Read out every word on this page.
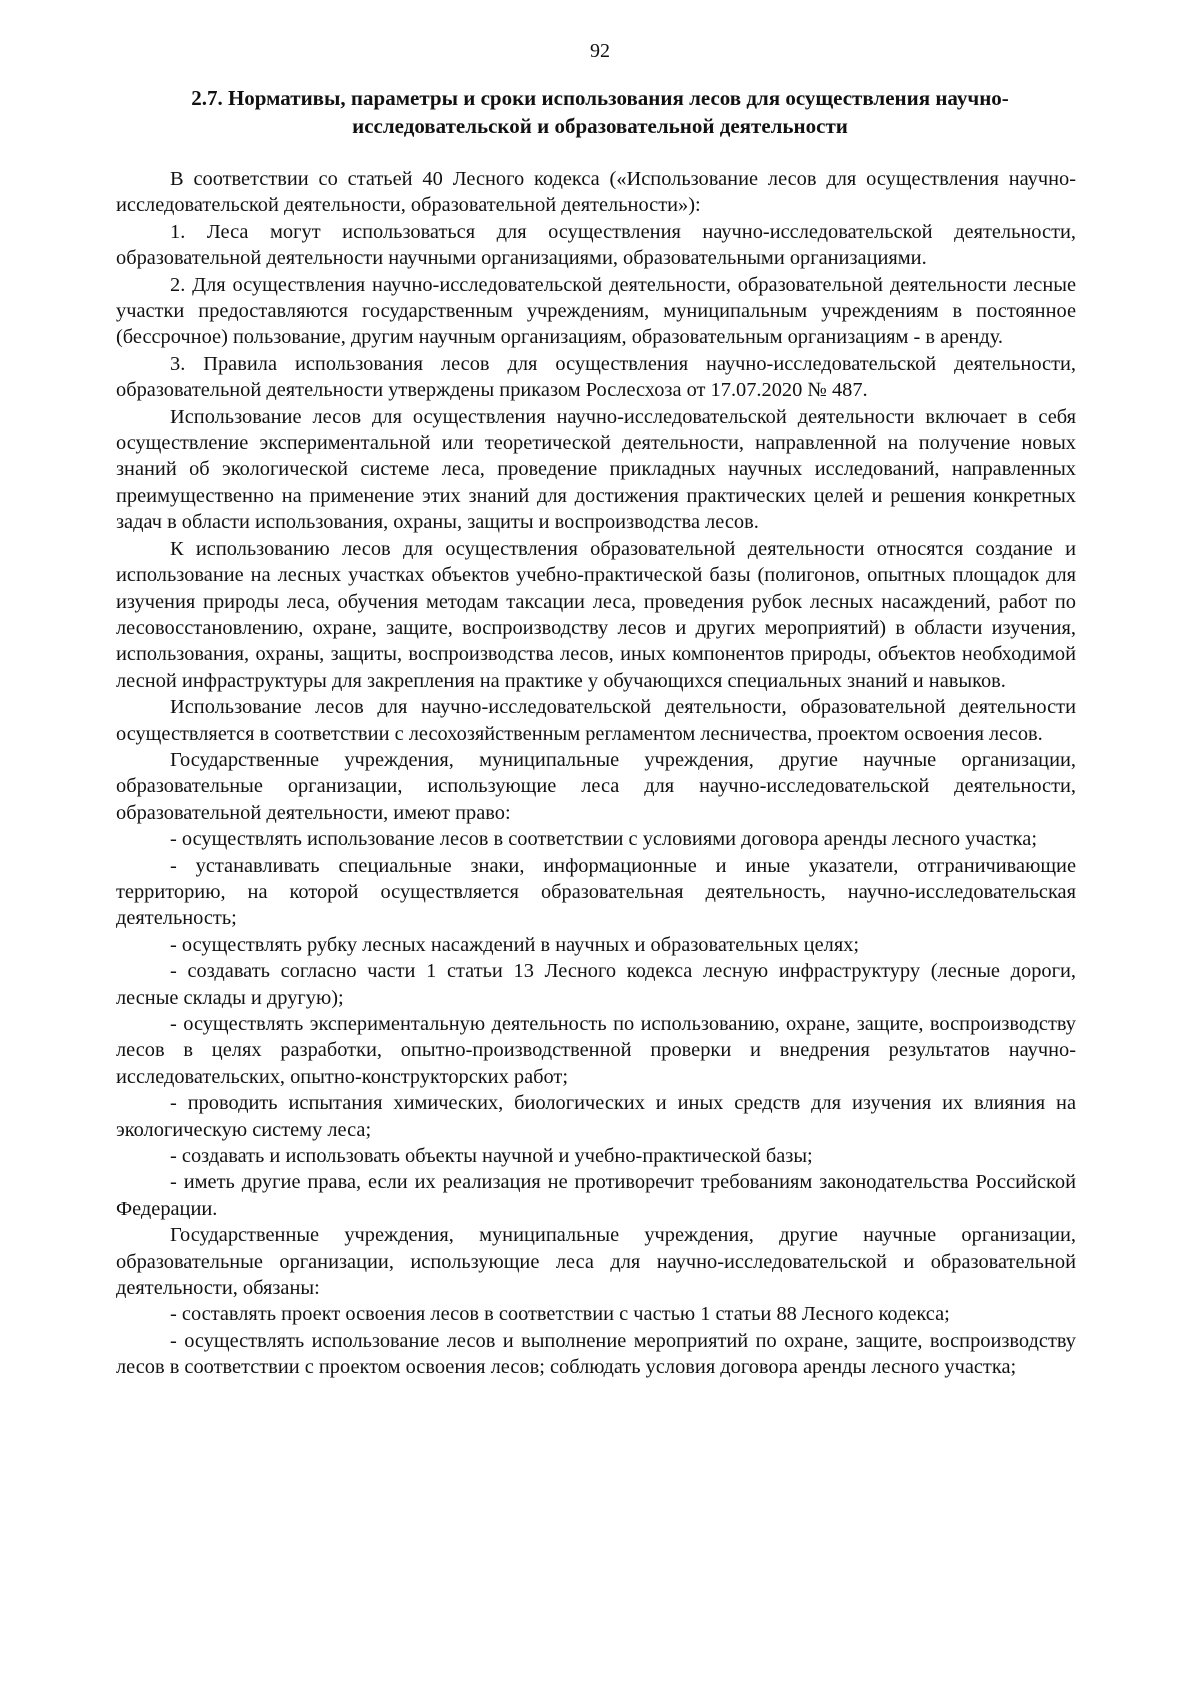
92
2.7. Нормативы, параметры и сроки использования лесов для осуществления научно-
исследовательской и образовательной деятельности

В соответствии со статьей 40 Лесного кодекса («Использование лесов для осуществления научно-исследовательской деятельности, образовательной деятельности»):

1. Леса могут использоваться для осуществления научно-исследовательской деятельности, образовательной деятельности научными организациями, образовательными организациями.

2. Для осуществления научно-исследовательской деятельности, образовательной деятельности лесные участки предоставляются государственным учреждениям, муниципальным учреждениям в постоянное (бессрочное) пользование, другим научным организациям, образовательным организациям - в аренду.

3. Правила использования лесов для осуществления научно-исследовательской деятельности, образовательной деятельности утверждены приказом Рослесхоза от 17.07.2020 № 487.

Использование лесов для осуществления научно-исследовательской деятельности включает в себя осуществление экспериментальной или теоретической деятельности, направленной на получение новых знаний об экологической системе леса, проведение прикладных научных исследований, направленных преимущественно на применение этих знаний для достижения практических целей и решения конкретных задач в области использования, охраны, защиты и воспроизводства лесов.

К использованию лесов для осуществления образовательной деятельности относятся создание и использование на лесных участках объектов учебно-практической базы (полигонов, опытных площадок для изучения природы леса, обучения методам таксации леса, проведения рубок лесных насаждений, работ по лесовосстановлению, охране, защите, воспроизводству лесов и других мероприятий) в области изучения, использования, охраны, защиты, воспроизводства лесов, иных компонентов природы, объектов необходимой лесной инфраструктуры для закрепления на практике у обучающихся специальных знаний и навыков.

Использование лесов для научно-исследовательской деятельности, образовательной деятельности осуществляется в соответствии с лесохозяйственным регламентом лесничества, проектом освоения лесов.

Государственные учреждения, муниципальные учреждения, другие научные организации, образовательные организации, использующие леса для научно-исследовательской деятельности, образовательной деятельности, имеют право:

- осуществлять использование лесов в соответствии с условиями договора аренды лесного участка;

- устанавливать специальные знаки, информационные и иные указатели, отграничивающие территорию, на которой осуществляется образовательная деятельность, научно-исследовательская деятельность;

- осуществлять рубку лесных насаждений в научных и образовательных целях;

- создавать согласно части 1 статьи 13 Лесного кодекса лесную инфраструктуру (лесные дороги, лесные склады и другую);

- осуществлять экспериментальную деятельность по использованию, охране, защите, воспроизводству лесов в целях разработки, опытно-производственной проверки и внедрения результатов научно-исследовательских, опытно-конструкторских работ;

- проводить испытания химических, биологических и иных средств для изучения их влияния на экологическую систему леса;

- создавать и использовать объекты научной и учебно-практической базы;

- иметь другие права, если их реализация не противоречит требованиям законодательства Российской Федерации.

Государственные учреждения, муниципальные учреждения, другие научные организации, образовательные организации, использующие леса для научно-исследовательской и образовательной деятельности, обязаны:

- составлять проект освоения лесов в соответствии с частью 1 статьи 88 Лесного кодекса;

- осуществлять использование лесов и выполнение мероприятий по охране, защите, воспроизводству лесов в соответствии с проектом освоения лесов; соблюдать условия договора аренды лесного участка;
